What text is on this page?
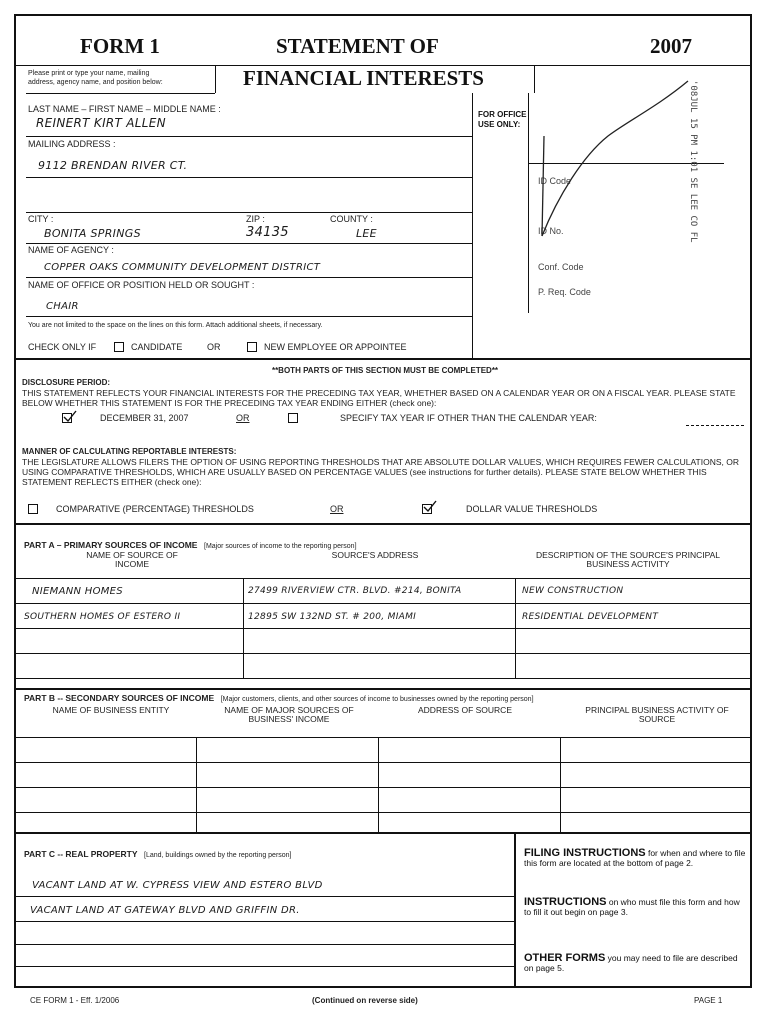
FORM 1	STATEMENT OF	2007
FINANCIAL INTERESTS
Please print or type your name, mailing
address, agency name, and position below:
LAST NAME – FIRST NAME – MIDDLE NAME :
REINERT KIRT ALLEN
MAILING ADDRESS :
9112 BRENDAN RIVER CT.
CITY :	ZIP :	COUNTY :
BONITA SPRINGS	34135	LEE
NAME OF AGENCY :
COPPER OAKS COMMUNITY DEVELOPMENT DISTRICT
NAME OF OFFICE OR POSITION HELD OR SOUGHT :
CHAIR
You are not limited to the space on the lines on this form. Attach additional sheets, if necessary.
CHECK ONLY IF	CANDIDATE	OR	NEW EMPLOYEE OR APPOINTEE
FOR OFFICE
USE ONLY:
ID Code
ID No.
Conf. Code
P. Req. Code
'08JUL 15 PM 1:01 SE LEE CO FL
**BOTH PARTS OF THIS SECTION MUST BE COMPLETED**
DISCLOSURE PERIOD:
THIS STATEMENT REFLECTS YOUR FINANCIAL INTERESTS FOR THE PRECEDING TAX YEAR, WHETHER BASED ON A CALENDAR YEAR OR ON A FISCAL YEAR. PLEASE STATE BELOW WHETHER THIS STATEMENT IS FOR THE PRECEDING TAX YEAR ENDING EITHER (check one):
DECEMBER 31, 2007	OR	SPECIFY TAX YEAR IF OTHER THAN THE CALENDAR YEAR:
MANNER OF CALCULATING REPORTABLE INTERESTS:
THE LEGISLATURE ALLOWS FILERS THE OPTION OF USING REPORTING THRESHOLDS THAT ARE ABSOLUTE DOLLAR VALUES, WHICH REQUIRES FEWER CALCULATIONS, OR USING COMPARATIVE THRESHOLDS, WHICH ARE USUALLY BASED ON PERCENTAGE VALUES (see instructions for further details). PLEASE STATE BELOW WHETHER THIS STATEMENT REFLECTS EITHER (check one):
COMPARATIVE (PERCENTAGE) THRESHOLDS	OR	DOLLAR VALUE THRESHOLDS
PART A – PRIMARY SOURCES OF INCOME [Major sources of income to the reporting person]
NAME OF SOURCE OF INCOME
SOURCE'S ADDRESS	DESCRIPTION OF THE SOURCE'S PRINCIPAL BUSINESS ACTIVITY
NIEMANN HOMES	27499 RIVERVIEW CTR. BLVD. #214, BONITA	NEW CONSTRUCTION
SOUTHERN HOMES OF ESTERO II	12895 SW 132ND ST. # 200, MIAMI	RESIDENTIAL DEVELOPMENT
PART B -- SECONDARY SOURCES OF INCOME [Major customers, clients, and other sources of income to businesses owned by the reporting person]
NAME OF BUSINESS ENTITY	NAME OF MAJOR SOURCES OF BUSINESS' INCOME
ADDRESS OF SOURCE	PRINCIPAL BUSINESS ACTIVITY OF SOURCE
PART C -- REAL PROPERTY [Land, buildings owned by the reporting person]
VACANT LAND AT W. CYPRESS VIEW AND ESTERO BLVD
VACANT LAND AT GATEWAY BLVD AND GRIFFIN DR.
FILING INSTRUCTIONS for when and where to file this form are located at the bottom of page 2.
INSTRUCTIONS on who must file this form and how to fill it out begin on page 3.
OTHER FORMS you may need to file are described on page 5.
CE FORM 1 - Eff. 1/2006	(Continued on reverse side)	PAGE 1
